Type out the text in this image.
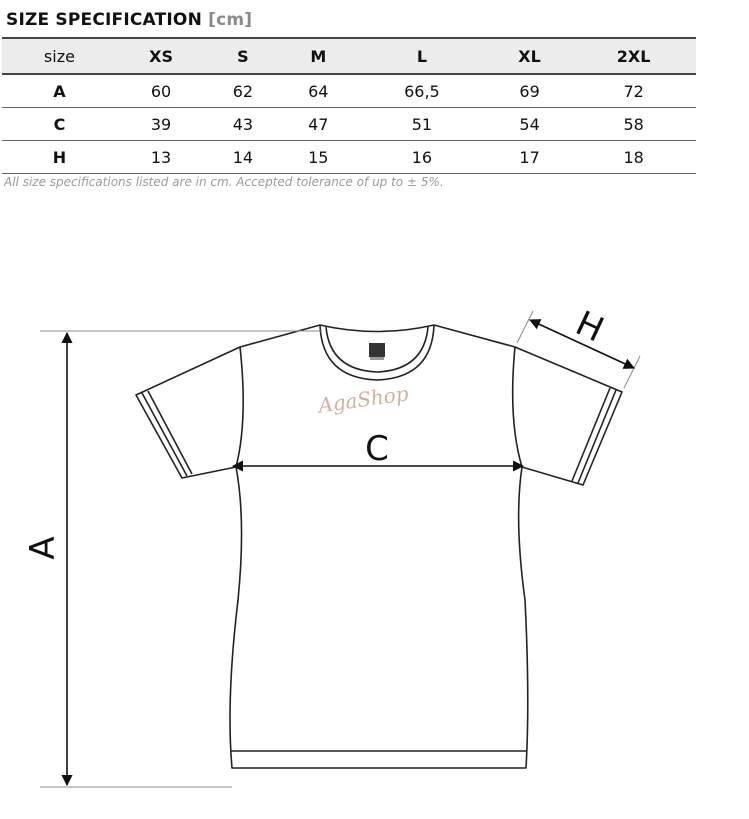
SIZE SPECIFICATION [cm]
size	XS	S	M	L	XL	2XL
A	60	62	64	66,5	69	72
C	39	43	47	51	54	58
H	13	14	15	16	17	18
All size specifications listed are in cm. Accepted tolerance of up to ± 5%.
AgaShop
A
C
H
